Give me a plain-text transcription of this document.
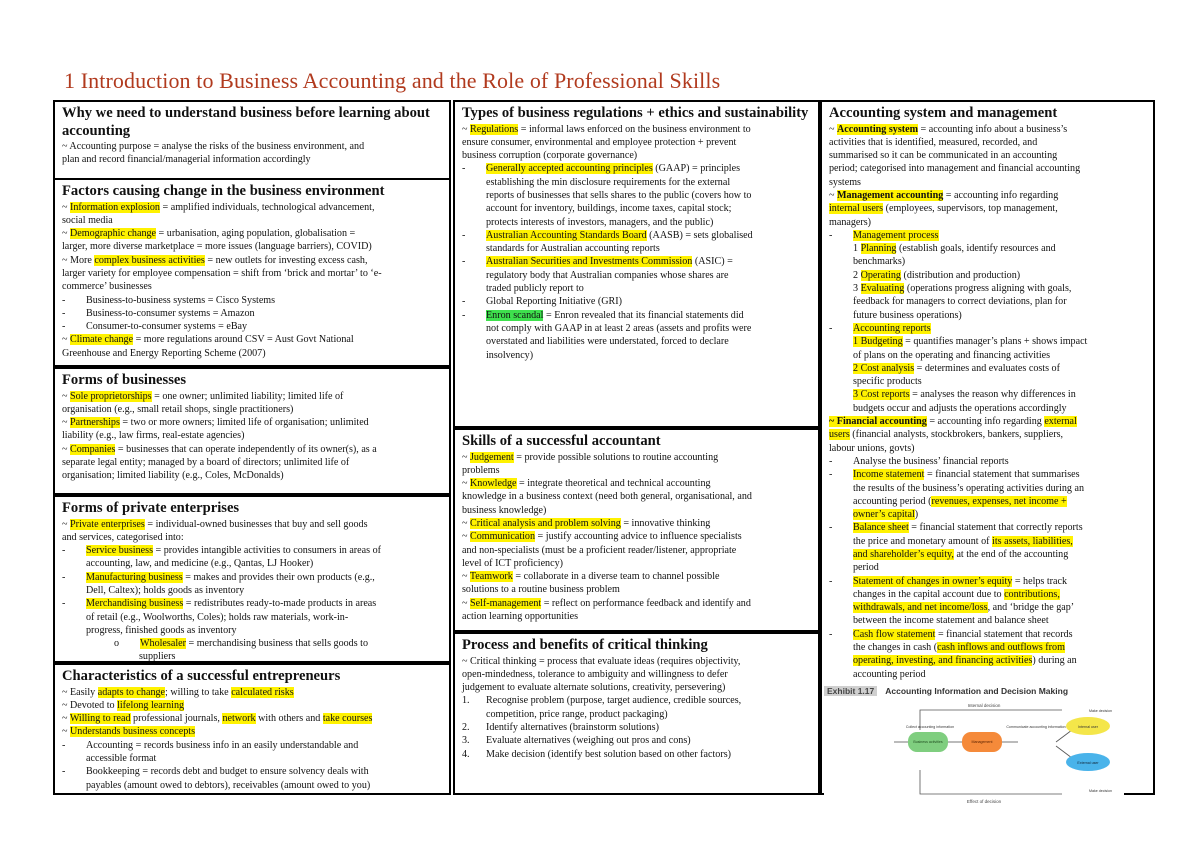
1 Introduction to Business Accounting and the Role of Professional Skills
Why we need to understand business before learning about accounting
~ Accounting purpose = analyse the risks of the business environment, and
plan and record financial/managerial information accordingly
Factors causing change in the business environment
~ Information explosion = amplified individuals, technological advancement,
social media
~ Demographic change = urbanisation, aging population, globalisation =
larger, more diverse marketplace = more issues (language barriers), COVID)
~ More complex business activities = new outlets for investing excess cash,
larger variety for employee compensation = shift from ‘brick and mortar’ to ‘e-
commerce’ businesses
- Business-to-business systems = Cisco Systems
- Business-to-consumer systems = Amazon
- Consumer-to-consumer systems = eBay
~ Climate change = more regulations around CSV = Aust Govt National
Greenhouse and Energy Reporting Scheme (2007)
Forms of businesses
~ Sole proprietorships = one owner; unlimited liability; limited life of
organisation (e.g., small retail shops, single practitioners)
~ Partnerships = two or more owners; limited life of organisation; unlimited
liability (e.g., law firms, real-estate agencies)
~ Companies = businesses that can operate independently of its owner(s), as a
separate legal entity; managed by a board of directors; unlimited life of
organisation; limited liability (e.g., Coles, McDonalds)
Forms of private enterprises
~ Private enterprises = individual-owned businesses that buy and sell goods
and services, categorised into:
- Service business = provides intangible activities to consumers in areas of
accounting, law, and medicine (e.g., Qantas, LJ Hooker)
- Manufacturing business = makes and provides their own products (e.g.,
Dell, Caltex); holds goods as inventory
- Merchandising business = redistributes ready-to-made products in areas
of retail (e.g., Woolworths, Coles); holds raw materials, work-in-
progress, finished goods as inventory
o Wholesaler = merchandising business that sells goods to
suppliers
Characteristics of a successful entrepreneurs
~ Easily adapts to change; willing to take calculated risks
~ Devoted to lifelong learning
~ Willing to read professional journals, network with others and take courses
~ Understands business concepts
- Accounting = records business info in an easily understandable and
accessible format
- Bookkeeping = records debt and budget to ensure solvency deals with
payables (amount owed to debtors), receivables (amount owed to you)
Types of business regulations + ethics and sustainability
~ Regulations = informal laws enforced on the business environment to
ensure consumer, environmental and employee protection + prevent
business corruption (corporate governance)
- Generally accepted accounting principles (GAAP) = principles
establishing the min disclosure requirements for the external
reports of businesses that sells shares to the public (covers how to
account for inventory, buildings, income taxes, capital stock;
protects interests of investors, managers, and the public)
- Australian Accounting Standards Board (AASB) = sets globalised
standards for Australian accounting reports
- Australian Securities and Investments Commission (ASIC) =
regulatory body that Australian companies whose shares are
traded publicly report to
- Global Reporting Initiative (GRI)
- Enron scandal = Enron revealed that its financial statements did
not comply with GAAP in at least 2 areas (assets and profits were
overstated and liabilities were understated, forced to declare
insolvency)
Skills of a successful accountant
~ Judgement = provide possible solutions to routine accounting
problems
~ Knowledge = integrate theoretical and technical accounting
knowledge in a business context (need both general, organisational, and
business knowledge)
~ Critical analysis and problem solving = innovative thinking
~ Communication = justify accounting advice to influence specialists
and non-specialists (must be a proficient reader/listener, appropriate
level of ICT proficiency)
~ Teamwork = collaborate in a diverse team to channel possible
solutions to a routine business problem
~ Self-management = reflect on performance feedback and identify and
action learning opportunities
Process and benefits of critical thinking
~ Critical thinking = process that evaluate ideas (requires objectivity,
open-mindedness, tolerance to ambiguity and willingness to defer
judgement to evaluate alternate solutions, creativity, persevering)
1. Recognise problem (purpose, target audience, credible sources,
competition, price range, product packaging)
2. Identify alternatives (brainstorm solutions)
3. Evaluate alternatives (weighing out pros and cons)
4. Make decision (identify best solution based on other factors)
Accounting system and management
~ Accounting system = accounting info about a business’s
activities that is identified, measured, recorded, and
summarised so it can be communicated in an accounting
period; categorised into management and financial accounting
systems
~ Management accounting = accounting info regarding
internal users (employees, supervisors, top management,
managers)
- Management process
1 Planning (establish goals, identify resources and
benchmarks)
2 Operating (distribution and production)
3 Evaluating (operations progress aligning with goals,
feedback for managers to correct deviations, plan for
future business operations)
- Accounting reports
1 Budgeting = quantifies manager’s plans + shows impact
of plans on the operating and financing activities
2 Cost analysis = determines and evaluates costs of
specific products
3 Cost reports = analyses the reason why differences in
budgets occur and adjusts the operations accordingly
~ Financial accounting = accounting info regarding external
users (financial analysts, stockbrokers, bankers, suppliers,
labour unions, govts)
- Analyse the business’ financial reports
- Income statement = financial statement that summarises
the results of the business’s operating activities during an
accounting period (revenues, expenses, net income +
owner’s capital)
- Balance sheet = financial statement that correctly reports
the price and monetary amount of its assets, liabilities,
and shareholder’s equity, at the end of the accounting
period
- Statement of changes in owner’s equity = helps track
changes in the capital account due to contributions,
withdrawals, and net income/loss, and ‘bridge the gap’
between the income statement and balance sheet
- Cash flow statement = financial statement that records
the changes in cash (cash inflows and outflows from
operating, investing, and financing activities) during an
accounting period
Exhibit 1.17 Accounting Information and Decision Making
Internal decision
Effect of decision
Business activities
Collect accounting information
Management
Communicate accounting information	Internal user
External user
Make decision
Make decision
